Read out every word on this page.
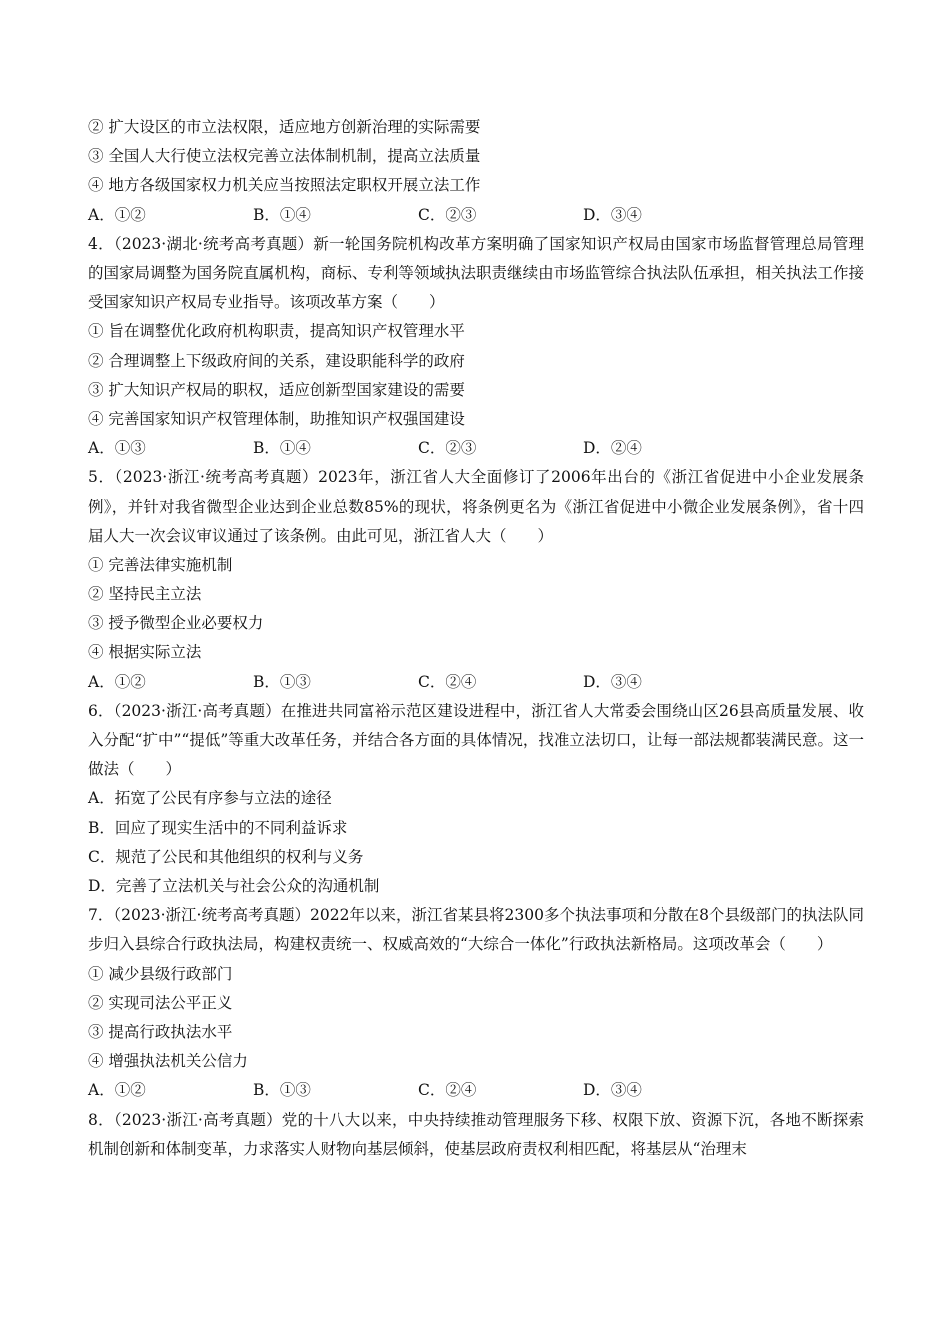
② 扩大设区的市立法权限，适应地方创新治理的实际需要
③ 全国人大行使立法权完善立法体制机制，提高立法质量
④ 地方各级国家权力机关应当按照法定职权开展立法工作
A．①②	B．①④	C．②③	D．③④
4．（2023·湖北·统考高考真题）新一轮国务院机构改革方案明确了国家知识产权局由国家市场监督管理总局管理的国家局调整为国务院直属机构，商标、专利等领域执法职责继续由市场监管综合执法队伍承担，相关执法工作接受国家知识产权局专业指导。该项改革方案（　　）
① 旨在调整优化政府机构职责，提高知识产权管理水平
② 合理调整上下级政府间的关系，建设职能科学的政府
③ 扩大知识产权局的职权，适应创新型国家建设的需要
④ 完善国家知识产权管理体制，助推知识产权强国建设
A．①③	B．①④	C．②③	D．②④
5．（2023·浙江·统考高考真题）2023年，浙江省人大全面修订了2006年出台的《浙江省促进中小企业发展条例》，并针对我省微型企业达到企业总数85%的现状，将条例更名为《浙江省促进中小微企业发展条例》，省十四届人大一次会议审议通过了该条例。由此可见，浙江省人大（　　）
① 完善法律实施机制
② 坚持民主立法
③ 授予微型企业必要权力
④ 根据实际立法
A．①②	B．①③	C．②④	D．③④
6．（2023·浙江·高考真题）在推进共同富裕示范区建设进程中，浙江省人大常委会围绕山区26县高质量发展、收入分配“扩中”“提低”等重大改革任务，并结合各方面的具体情况，找准立法切口，让每一部法规都装满民意。这一做法（　　）
A．拓宽了公民有序参与立法的途径
B．回应了现实生活中的不同利益诉求
C．规范了公民和其他组织的权利与义务
D．完善了立法机关与社会公众的沟通机制
7．（2023·浙江·统考高考真题）2022年以来，浙江省某县将2300多个执法事项和分散在8个县级部门的执法队同步归入县综合行政执法局，构建权责统一、权威高效的“大综合一体化”行政执法新格局。这项改革会（　　）
① 减少县级行政部门
② 实现司法公平正义
③ 提高行政执法水平
④ 增强执法机关公信力
A．①②	B．①③	C．②④	D．③④
8．（2023·浙江·高考真题）党的十八大以来，中央持续推动管理服务下移、权限下放、资源下沉，各地不断探索机制创新和体制变革，力求落实人财物向基层倾斜，使基层政府责权利相匹配，将基层从“治理末
